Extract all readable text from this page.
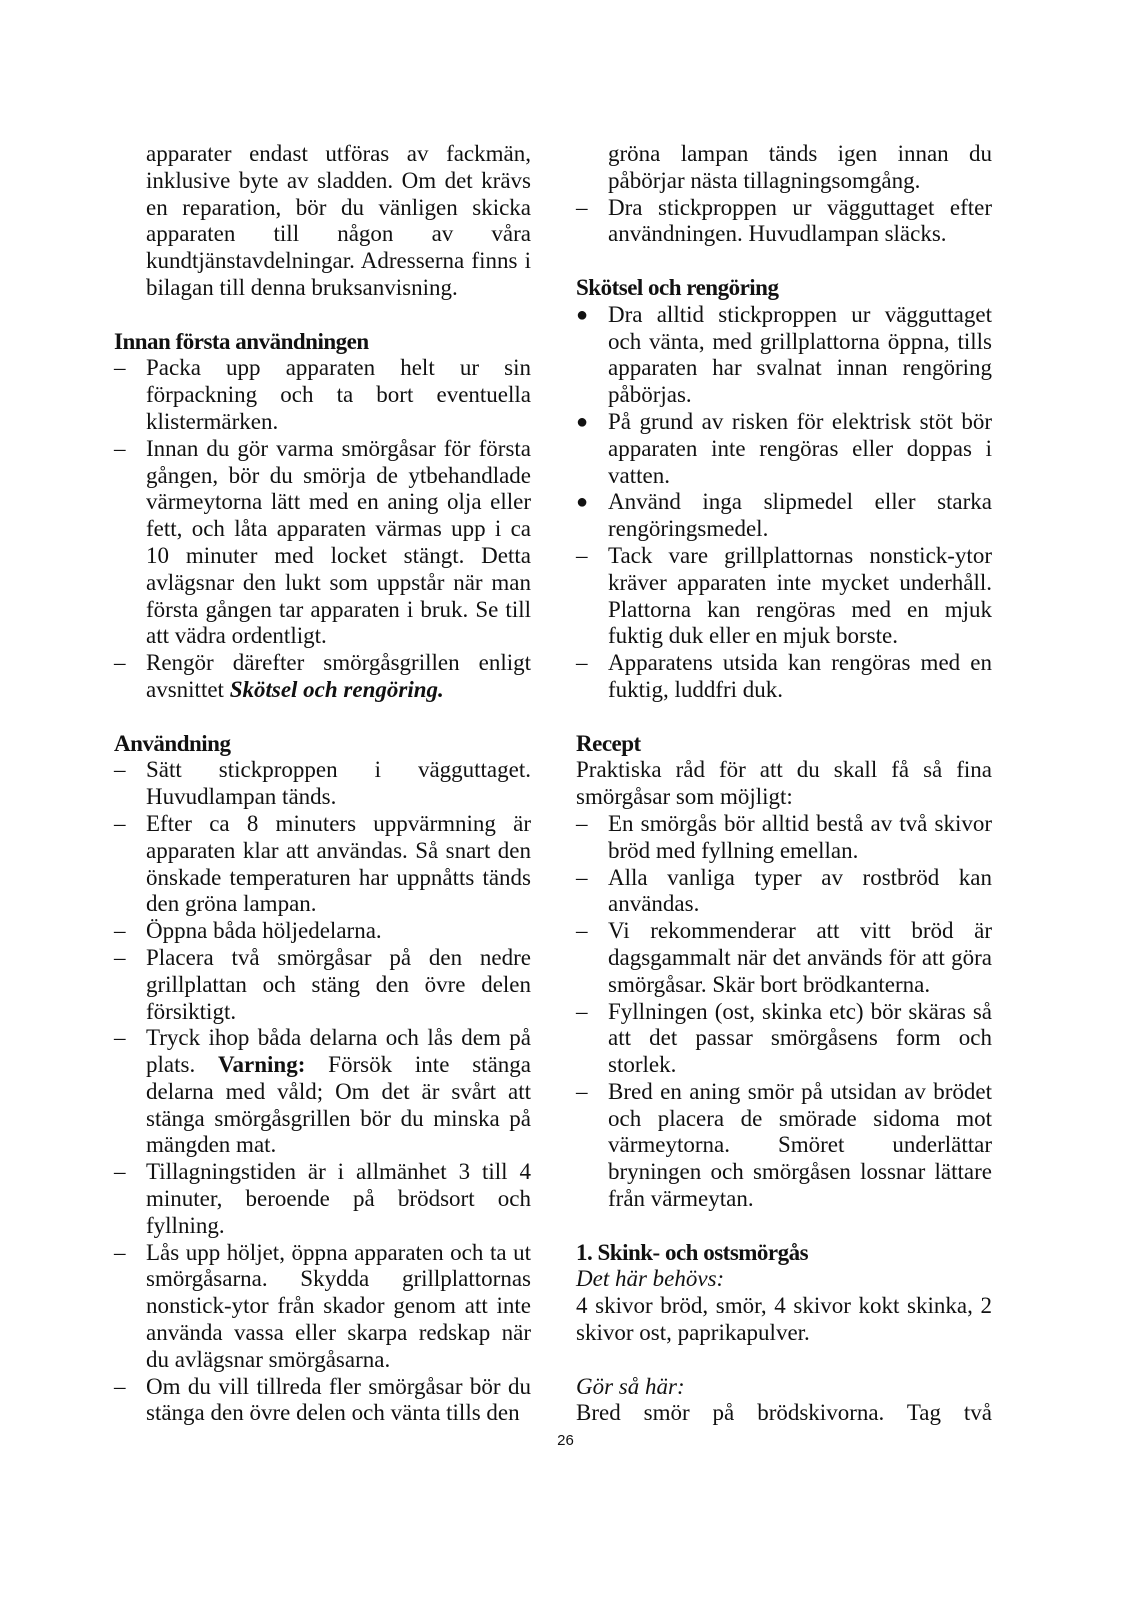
apparater endast utföras av fackmän, inklusive byte av sladden. Om det krävs en reparation, bör du vänligen skicka apparaten till någon av våra kundtjänstavdelningar. Adresserna finns i bilagan till denna bruksanvisning.
Innan första användningen
– Packa upp apparaten helt ur sin förpackning och ta bort eventuella klistermärken.
– Innan du gör varma smörgåsar för första gången, bör du smörja de ytbehandlade värmeytorna lätt med en aning olja eller fett, och låta apparaten värmas upp i ca 10 minuter med locket stängt. Detta avlägsnar den lukt som uppstår när man första gången tar apparaten i bruk. Se till att vädra ordentligt.
– Rengör därefter smörgåsgrillen enligt avsnittet Skötsel och rengöring.
Användning
– Sätt stickproppen i vägguttaget. Huvudlampan tänds.
– Efter ca 8 minuters uppvärmning är apparaten klar att användas. Så snart den önskade temperaturen har uppnåtts tänds den gröna lampan.
– Öppna båda höljedelarna.
– Placera två smörgåsar på den nedre grillplattan och stäng den övre delen försiktigt.
– Tryck ihop båda delarna och lås dem på plats. Varning: Försök inte stänga delarna med våld; Om det är svårt att stänga smörgåsgrillen bör du minska på mängden mat.
– Tillagningstiden är i allmänhet 3 till 4 minuter, beroende på brödsort och fyllning.
– Lås upp höljet, öppna apparaten och ta ut smörgåsarna. Skydda grillplattornas nonstick-ytor från skador genom att inte använda vassa eller skarpa redskap när du avlägsnar smörgåsarna.
– Om du vill tillreda fler smörgåsar bör du stänga den övre delen och vänta tills den
gröna lampan tänds igen innan du påbörjar nästa tillagningsomgång.
– Dra stickproppen ur vägguttaget efter användningen. Huvudlampan släcks.
Skötsel och rengöring
● Dra alltid stickproppen ur vägguttaget och vänta, med grillplattorna öppna, tills apparaten har svalnat innan rengöring påbörjas.
● På grund av risken för elektrisk stöt bör apparaten inte rengöras eller doppas i vatten.
● Använd inga slipmedel eller starka rengöringsmedel.
– Tack vare grillplattornas nonstick-ytor kräver apparaten inte mycket underhåll. Plattorna kan rengöras med en mjuk fuktig duk eller en mjuk borste.
– Apparatens utsida kan rengöras med en fuktig, luddfri duk.
Recept
Praktiska råd för att du skall få så fina smörgåsar som möjligt:
– En smörgås bör alltid bestå av två skivor bröd med fyllning emellan.
– Alla vanliga typer av rostbröd kan användas.
– Vi rekommenderar att vitt bröd är dagsgammalt när det används för att göra smörgåsar. Skär bort brödkanterna.
– Fyllningen (ost, skinka etc) bör skäras så att det passar smörgåsens form och storlek.
– Bred en aning smör på utsidan av brödet och placera de smörade sidoma mot värmeytorna. Smöret underlättar bryningen och smörgåsen lossnar lättare från värmeytan.
1. Skink- och ostsmörgås
Det här behövs:
4 skivor bröd, smör, 4 skivor kokt skinka, 2 skivor ost, paprikapulver.
Gör så här:
Bred smör på brödskivorna. Tag två
26
